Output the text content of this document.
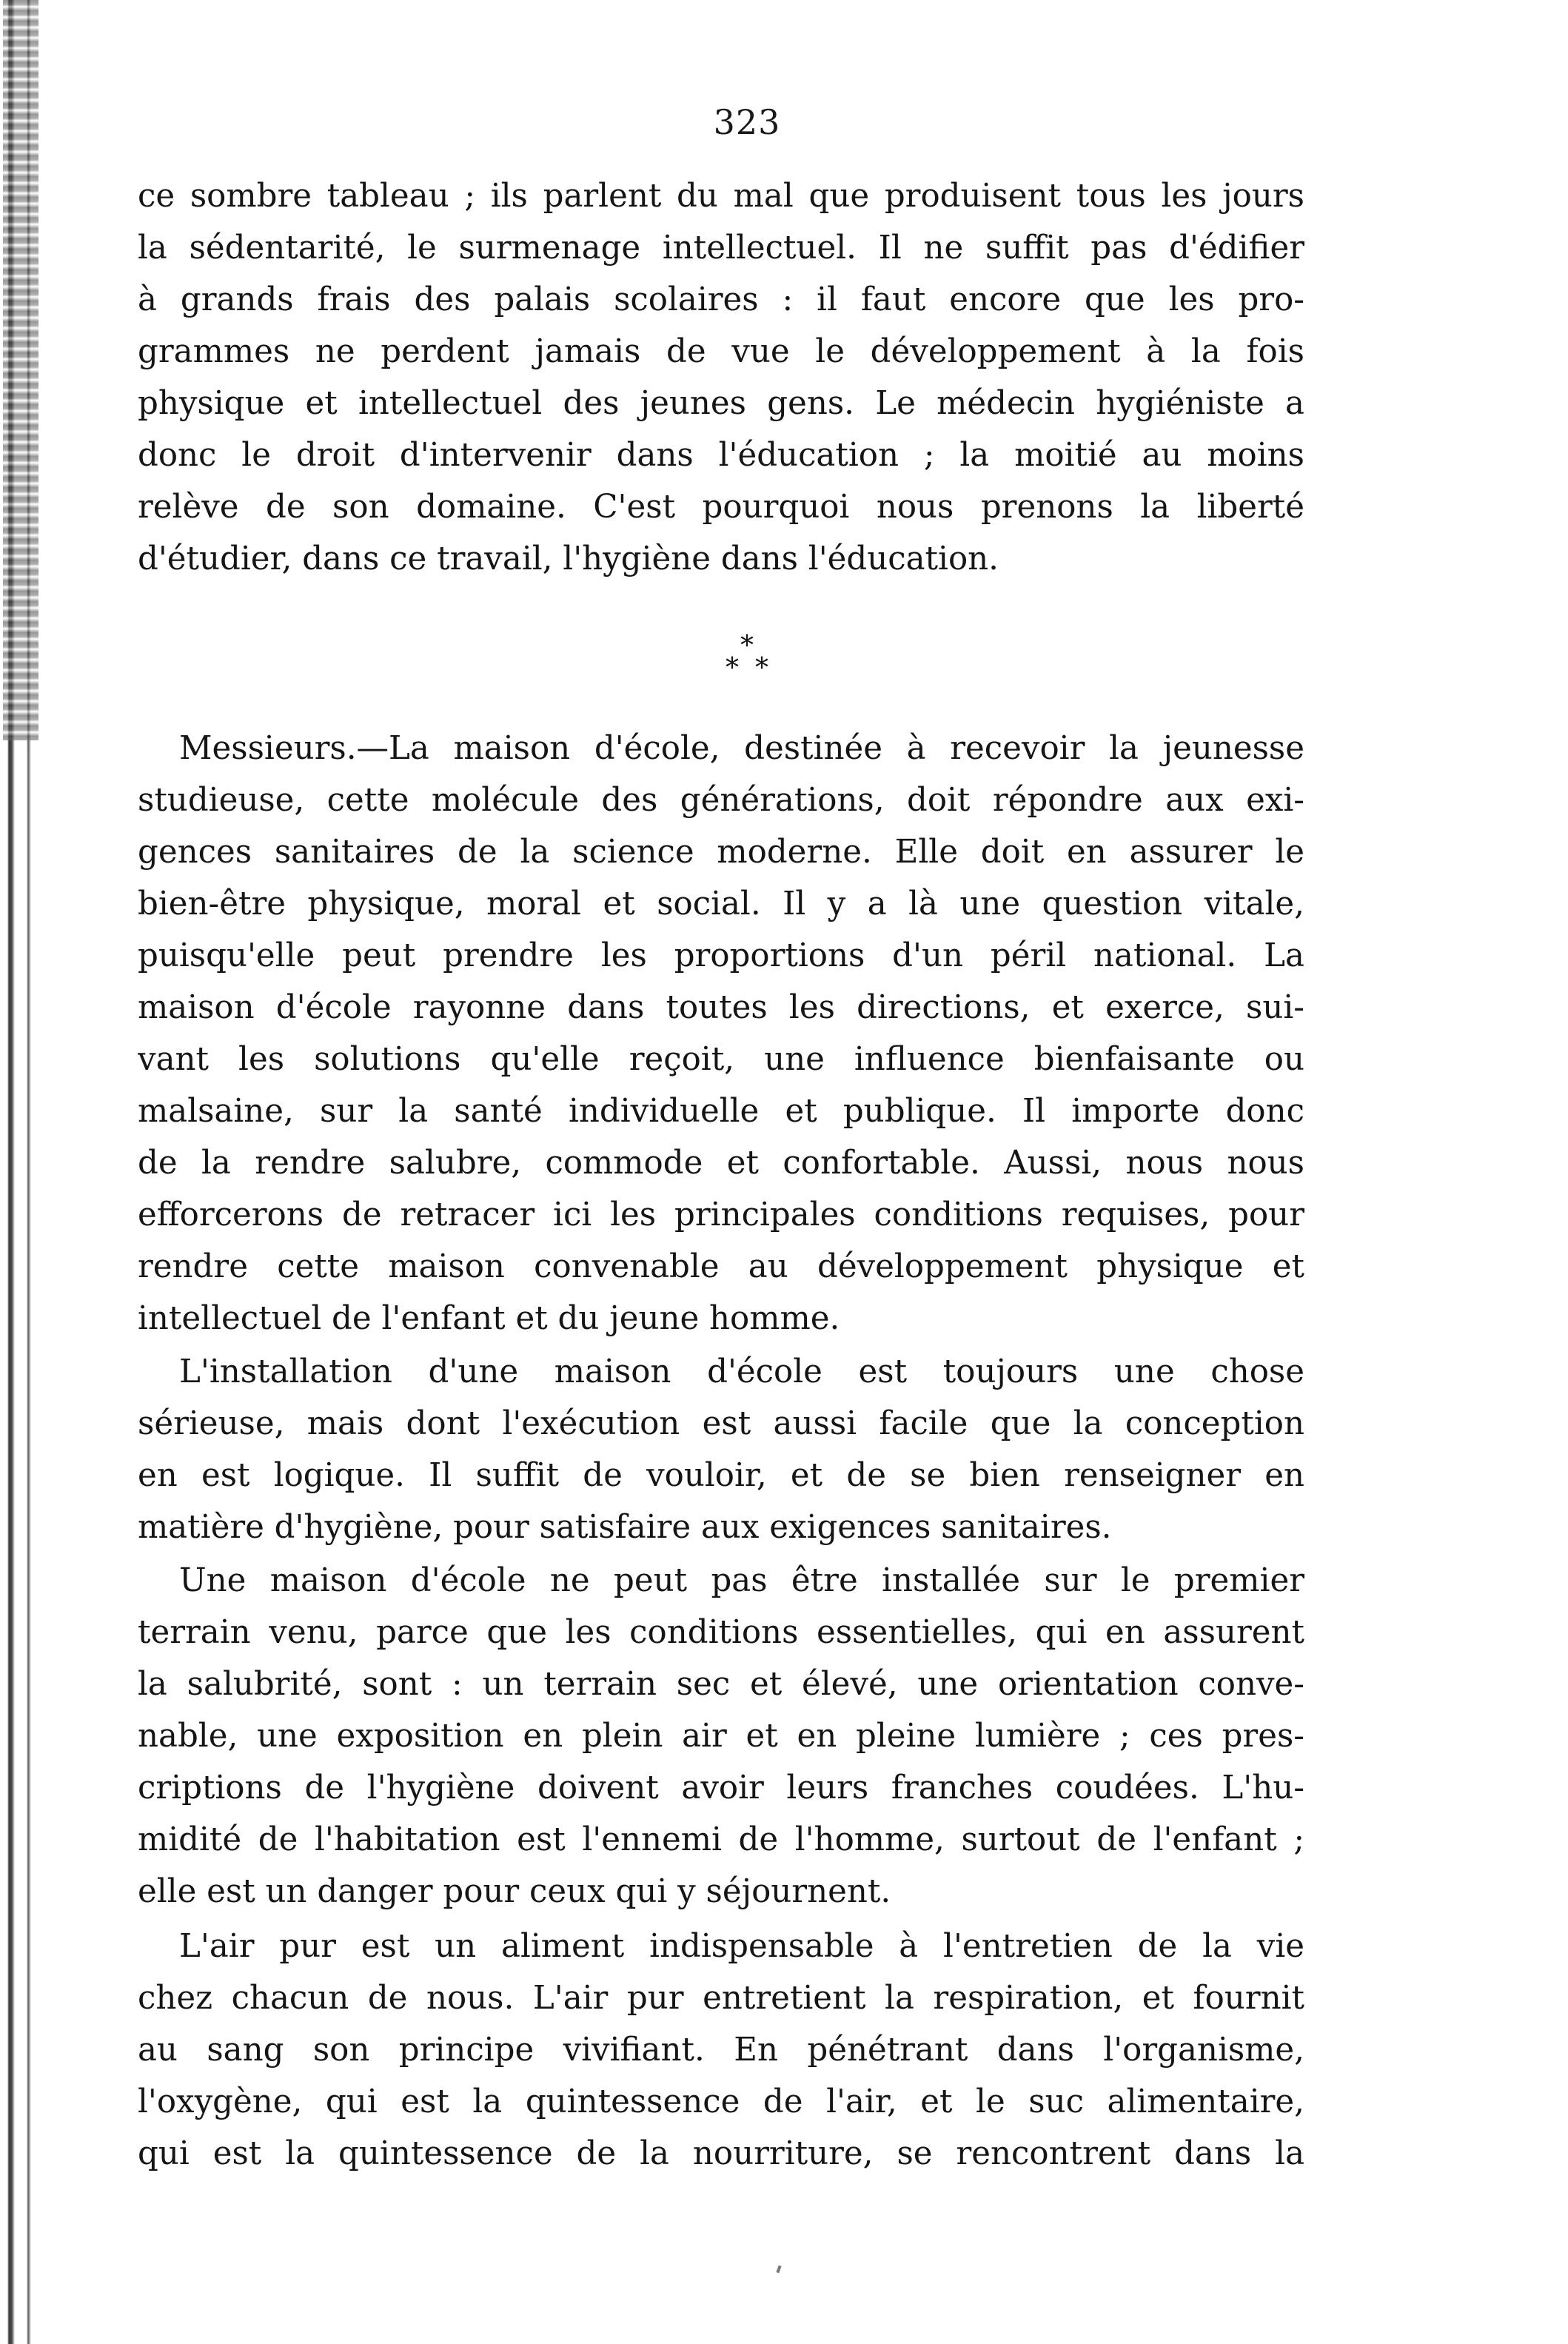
323
ce sombre tableau ; ils parlent du mal que produisent tous les jours
la sédentarité, le surmenage intellectuel. Il ne suffit pas d'édifier
à grands frais des palais scolaires : il faut encore que les pro-
grammes ne perdent jamais de vue le développement à la fois
physique et intellectuel des jeunes gens. Le médecin hygiéniste a
donc le droit d'intervenir dans l'éducation ; la moitié au moins
relève de son domaine. C'est pourquoi nous prenons la liberté
d'étudier, dans ce travail, l'hygiène dans l'éducation.
*
**
Messieurs.—La maison d'école, destinée à recevoir la jeunesse
studieuse, cette molécule des générations, doit répondre aux exi-
gences sanitaires de la science moderne. Elle doit en assurer le
bien-être physique, moral et social. Il y a là une question vitale,
puisqu'elle peut prendre les proportions d'un péril national. La
maison d'école rayonne dans toutes les directions, et exerce, sui-
vant les solutions qu'elle reçoit, une influence bienfaisante ou
malsaine, sur la santé individuelle et publique. Il importe donc
de la rendre salubre, commode et confortable. Aussi, nous nous
efforcerons de retracer ici les principales conditions requises, pour
rendre cette maison convenable au développement physique et
intellectuel de l'enfant et du jeune homme.
L'installation d'une maison d'école est toujours une chose
sérieuse, mais dont l'exécution est aussi facile que la conception
en est logique. Il suffit de vouloir, et de se bien renseigner en
matière d'hygiène, pour satisfaire aux exigences sanitaires.
Une maison d'école ne peut pas être installée sur le premier
terrain venu, parce que les conditions essentielles, qui en assurent
la salubrité, sont : un terrain sec et élevé, une orientation conve-
nable, une exposition en plein air et en pleine lumière ; ces pres-
criptions de l'hygiène doivent avoir leurs franches coudées. L'hu-
midité de l'habitation est l'ennemi de l'homme, surtout de l'enfant ;
elle est un danger pour ceux qui y séjournent.
L'air pur est un aliment indispensable à l'entretien de la vie
chez chacun de nous. L'air pur entretient la respiration, et fournit
au sang son principe vivifiant. En pénétrant dans l'organisme,
l'oxygène, qui est la quintessence de l'air, et le suc alimentaire,
qui est la quintessence de la nourriture, se rencontrent dans la
